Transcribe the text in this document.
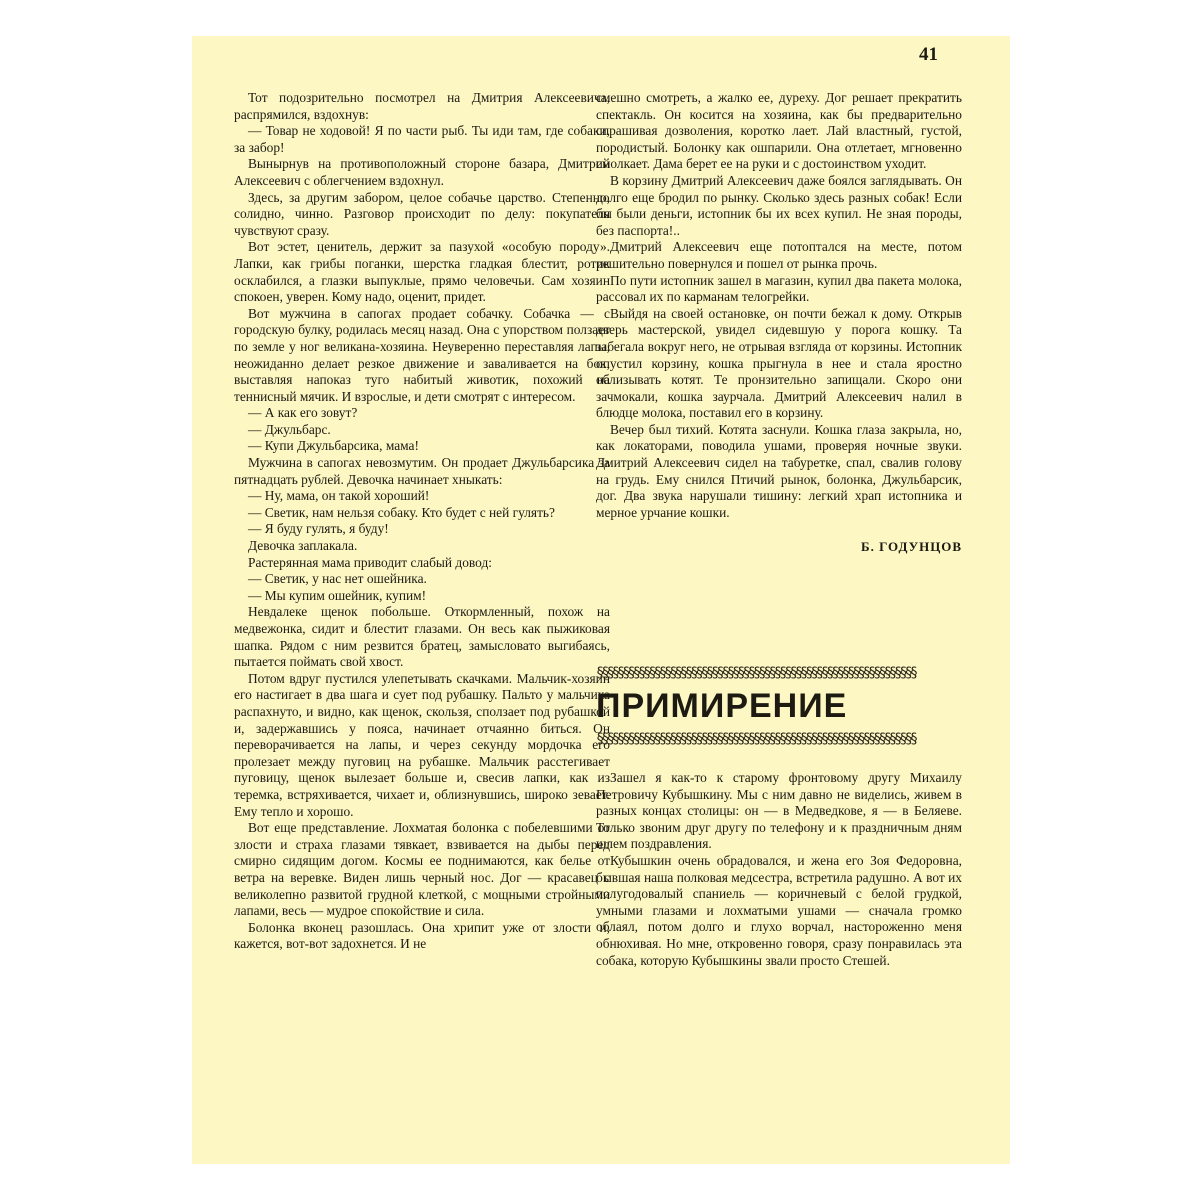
41

Тот подозрительно посмотрел на Дмитрия Алексеевича, распрямился, вздохнув:

— Товар не ходовой! Я по части рыб. Ты иди там, где собаки, за забор!

Вынырнув на противоположный стороне базара, Дмитрий Алексеевич с облегчением вздохнул.

Здесь, за другим забором, целое собачье царство. Степенно, солидно, чинно. Разговор происходит по делу: покупателя чувствуют сразу.

Вот эстет, ценитель, держит за пазухой «особую породу». Лапки, как грибы поганки, шерстка гладкая блестит, ротик осклабился, а глазки выпуклые, прямо человечьи. Сам хозяин спокоен, уверен. Кому надо, оценит, придет.

Вот мужчина в сапогах продает собачку. Собачка — с городскую булку, родилась месяц назад. Она с упорством ползает по земле у ног великана-хозяина. Неуверенно переставляя лапы, неожиданно делает резкое движение и заваливается на бок, выставляя напоказ туго набитый животик, похожий на теннисный мячик. И взрослые, и дети смотрят с интересом.

— А как его зовут?

— Джульбарс.

— Купи Джульбарсика, мама!

Мужчина в сапогах невозмутим. Он продает Джульбарсика за пятнадцать рублей. Девочка начинает хныкать:

— Ну, мама, он такой хороший!

— Светик, нам нельзя собаку. Кто будет с ней гулять?

— Я буду гулять, я буду!

Девочка заплакала.

Растерянная мама приводит слабый довод:

— Светик, у нас нет ошейника.

— Мы купим ошейник, купим!

Невдалеке щенок побольше. Откормленный, похож на медвежонка, сидит и блестит глазами. Он весь как пыжиковая шапка. Рядом с ним резвится братец, замысловато выгибаясь, пытается поймать свой хвост.

Потом вдруг пустился улепетывать скачками. Мальчик-хозяин его настигает в два шага и сует под рубашку. Пальто у мальчика распахнуто, и видно, как щенок, скользя, сползает под рубашкой и, задержавшись у пояса, начинает отчаянно биться. Он переворачивается на лапы, и через секунду мордочка его пролезает между пуговиц на рубашке. Мальчик расстегивает пуговицу, щенок вылезает больше и, свесив лапки, как из теремка, встряхивается, чихает и, облизнувшись, широко зевает. Ему тепло и хорошо.

Вот еще представление. Лохматая болонка с побелевшими от злости и страха глазами тявкает, взвивается на дыбы перед смирно сидящим догом. Космы ее поднимаются, как белье от ветра на веревке. Виден лишь черный нос. Дог — красавец с великолепно развитой грудной клеткой, с мощными стройными лапами, весь — мудрое спокойствие и сила.

Болонка вконец разошлась. Она хрипит уже от злости и, кажется, вот-вот задохнется. И не

смешно смотреть, а жалко ее, дуреху. Дог решает прекратить спектакль. Он косится на хозяина, как бы предварительно спрашивая дозволения, коротко лает. Лай властный, густой, породистый. Болонку как ошпарили. Она отлетает, мгновенно смолкает. Дама берет ее на руки и с достоинством уходит.

В корзину Дмитрий Алексеевич даже боялся заглядывать. Он долго еще бродил по рынку. Сколько здесь разных собак! Если бы были деньги, истопник бы их всех купил. Не зная породы, без паспорта!..

Дмитрий Алексеевич еще потоптался на месте, потом решительно повернулся и пошел от рынка прочь.

По пути истопник зашел в магазин, купил два пакета молока, рассовал их по карманам телогрейки.

Выйдя на своей остановке, он почти бежал к дому. Открыв дверь мастерской, увидел сидевшую у порога кошку. Та забегала вокруг него, не отрывая взгляда от корзины. Истопник опустил корзину, кошка прыгнула в нее и стала яростно облизывать котят. Те пронзительно запищали. Скоро они зачмокали, кошка заурчала. Дмитрий Алексеевич налил в блюдце молока, поставил его в корзину.

Вечер был тихий. Котята заснули. Кошка глаза закрыла, но, как локаторами, поводила ушами, проверяя ночные звуки. Дмитрий Алексеевич сидел на табуретке, спал, свалив голову на грудь. Ему снился Птичий рынок, болонка, Джульбарсик, дог. Два звука нарушали тишину: легкий храп истопника и мерное урчание кошки.

Б. ГОДУНЦОВ
§§§§§§§§§§§§§§§§§§§§§§§§§§§§§§§§§§§§§§§§§§§§§§§§§§§§§§§§§§§§§
ПРИМИРЕНИЕ
§§§§§§§§§§§§§§§§§§§§§§§§§§§§§§§§§§§§§§§§§§§§§§§§§§§§§§§§§§§§§

Зашел я как-то к старому фронтовому другу Михаилу Петровичу Кубышкину. Мы с ним давно не виделись, живем в разных концах столицы: он — в Медведкове, я — в Беляеве. Только звоним друг другу по телефону и к праздничным дням шлем поздравления.

Кубышкин очень обрадовался, и жена его Зоя Федоровна, бывшая наша полковая медсестра, встретила радушно. А вот их полугодовалый спаниель — коричневый с белой грудкой, умными глазами и лохматыми ушами — сначала громко облаял, потом долго и глухо ворчал, настороженно меня обнюхивая. Но мне, откровенно говоря, сразу понравилась эта собака, которую Кубышкины звали просто Стешей.
